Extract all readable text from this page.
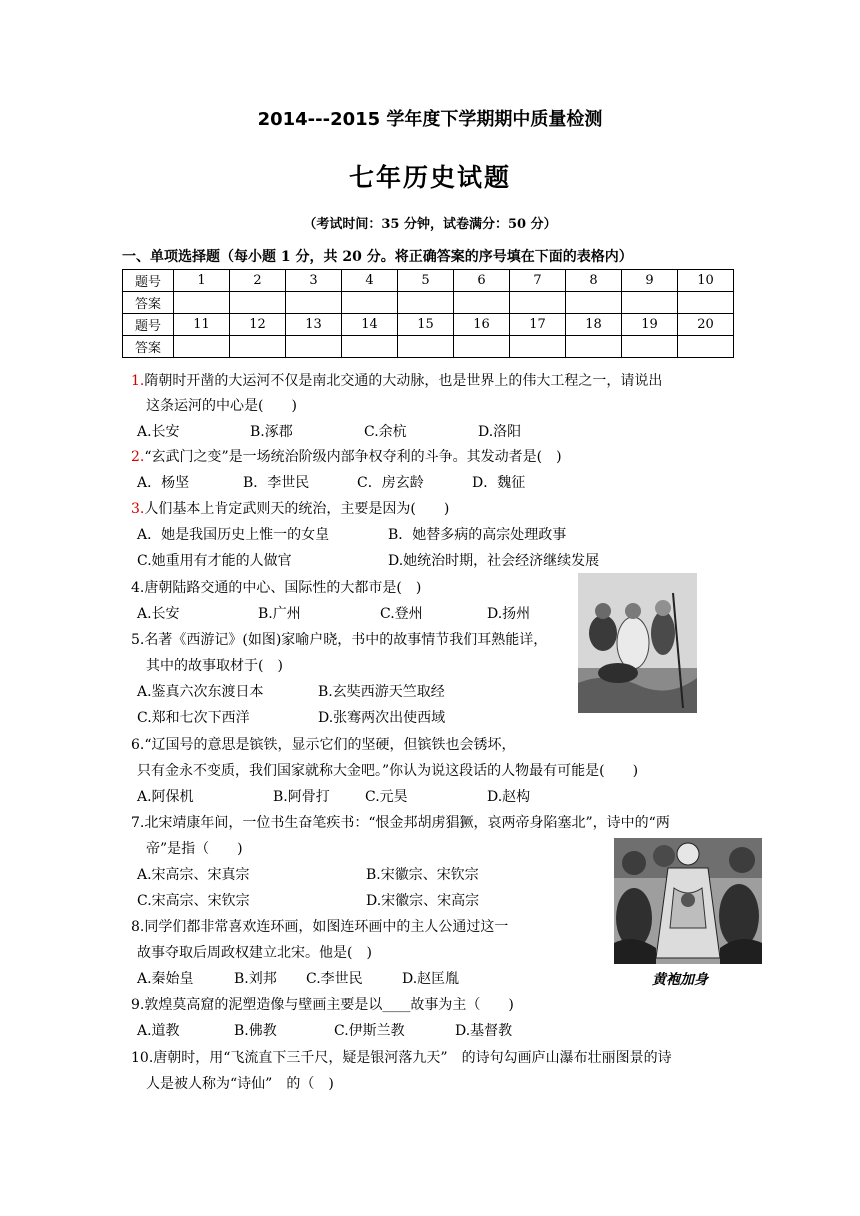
2014---2015 学年度下学期期中质量检测
七年历史试题
（考试时间：35 分钟，试卷满分：50 分）
一、单项选择题（每小题 1 分，共 20 分。将正确答案的序号填在下面的表格内）
题号	1	2	3	4	5	6	7	8	9	10
答案										
题号	11	12	13	14	15	16	17	18	19	20
答案										
1.隋朝时开凿的大运河不仅是南北交通的大动脉，也是世界上的伟大工程之一，请说出
这条运河的中心是(　　)
A.长安	B.涿郡	C.余杭	D.洛阳
2.“玄武门之变”是一场统治阶级内部争权夺利的斗争。其发动者是(　)
A．杨坚	B．李世民	C．房玄龄	D．魏征
3.人们基本上肯定武则天的统治，主要是因为(　　)
A．她是我国历史上惟一的女皇	B．她替多病的高宗处理政事
C.她重用有才能的人做官	D.她统治时期，社会经济继续发展
4.唐朝陆路交通的中心、国际性的大都市是(　)
A.长安	B.广州	C.登州	D.扬州
5.名著《西游记》(如图)家喻户晓，书中的故事情节我们耳熟能详，
其中的故事取材于(　)
A.鉴真六次东渡日本	B.玄奘西游天竺取经
C.郑和七次下西洋	D.张骞两次出使西域
6.“辽国号的意思是镔铁，显示它们的坚硬，但镔铁也会锈坏，
只有金永不变质，我们国家就称大金吧。”你认为说这段话的人物最有可能是(　　)
A.阿保机	B.阿骨打	C.元昊	D.赵构
7.北宋靖康年间，一位书生奋笔疾书：“恨金邦胡虏猖獗，哀两帝身陷塞北”，诗中的“两
帝”是指（　　)
A.宋高宗、宋真宗	B.宋徽宗、宋钦宗
C.宋高宗、宋钦宗	D.宋徽宗、宋高宗
黄袍加身
8.同学们都非常喜欢连环画，如图连环画中的主人公通过这一
故事夺取后周政权建立北宋。他是(　)
A.秦始皇	B.刘邦 C.李世民	D.赵匡胤
9.敦煌莫高窟的泥塑造像与壁画主要是以____故事为主（　　)
A.道教	B.佛教	C.伊斯兰教	D.基督教
10.唐朝时，用“飞流直下三千尺，疑是银河落九天”　的诗句勾画庐山瀑布壮丽图景的诗
人是被人称为“诗仙”　的（　)
